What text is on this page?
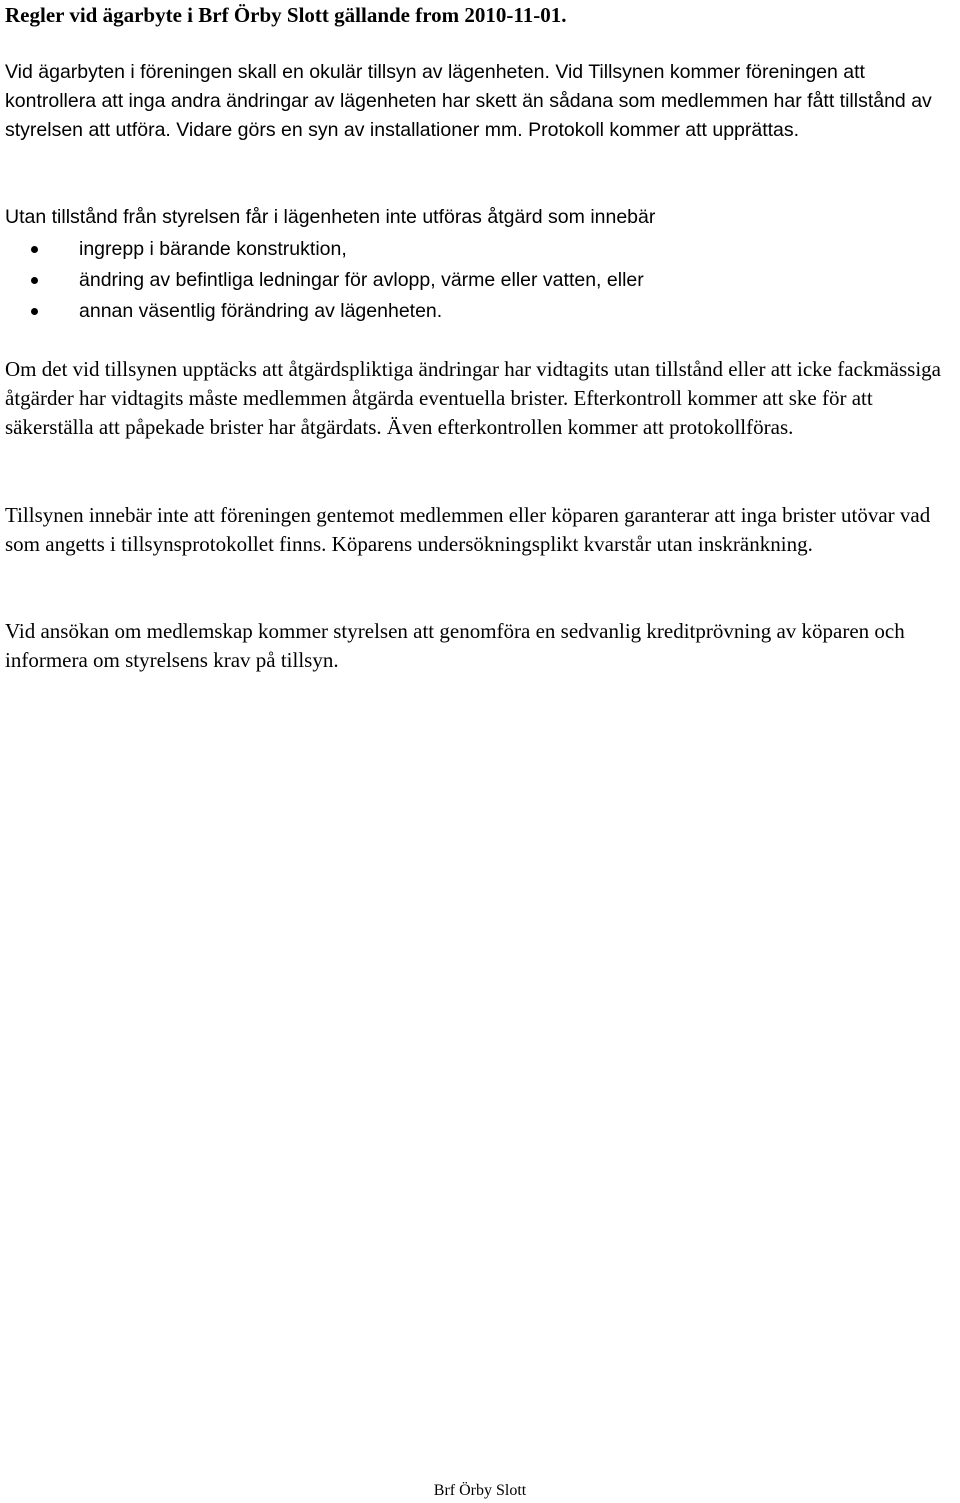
Regler vid ägarbyte i Brf Örby Slott gällande from 2010-11-01.

Vid ägarbyten i föreningen skall en okulär tillsyn av lägenheten. Vid Tillsynen kommer föreningen att kontrollera att inga andra ändringar av lägenheten har skett än sådana som medlemmen har fått tillstånd av styrelsen att utföra. Vidare görs en syn av installationer mm. Protokoll kommer att upprättas.

Utan tillstånd från styrelsen får i lägenheten inte utföras åtgärd som innebär

ingrepp i bärande konstruktion,
ändring av befintliga ledningar för avlopp, värme eller vatten, eller
annan väsentlig förändring av lägenheten.

Om det vid tillsynen upptäcks att åtgärdspliktiga ändringar har vidtagits utan tillstånd eller att icke fackmässiga åtgärder har vidtagits måste medlemmen åtgärda eventuella brister. Efterkontroll kommer att ske för att säkerställa att påpekade brister har åtgärdats. Även efterkontrollen kommer att protokollföras.

Tillsynen innebär inte att föreningen gentemot medlemmen eller köparen garanterar att inga brister utövar vad som angetts i tillsynsprotokollet finns. Köparens undersökningsplikt kvarstår utan inskränkning.

Vid ansökan om medlemskap kommer styrelsen att genomföra en sedvanlig kreditprövning av köparen och informera om styrelsens krav på tillsyn.

Brf Örby Slott
